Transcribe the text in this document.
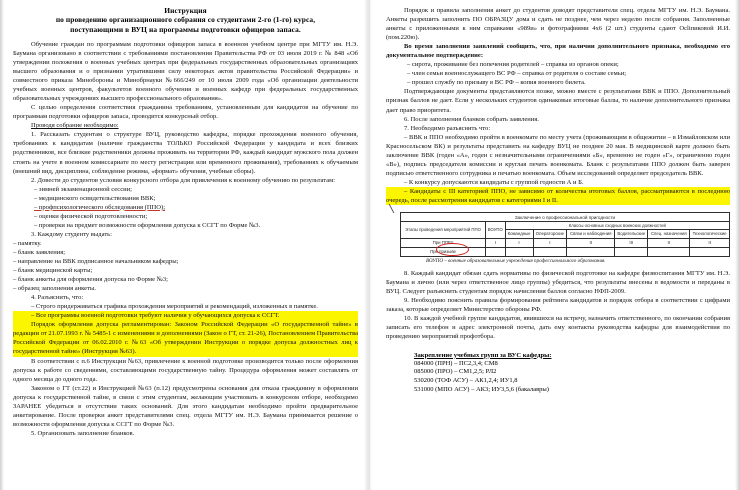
Инструкция
по проведению организационного собрания со студентами 2-го (1-го) курса,
поступающими в ВУЦ на программы подготовки офицеров запаса.

Обучение граждан по программам подготовки офицеров запаса в военном учебном центре при МГТУ им. Н.Э. Баумана организовано в соответствии с требованиями постановления Правительства РФ от 03 июля 2019 г. № 848 «Об утверждении положения о военных учебных центрах при федеральных государственных образовательных организациях высшего образования и о признании утратившими силу некоторых актов правительства Российской Федерации» и совместного приказа Минобороны и Минобрнауки №666/249 от 10 июля 2009 года «Об организации деятельности учебных военных центров, факультетов военного обучения и военных кафедр при федеральных государственных образовательных учреждениях высшего профессионального образования».

С целью определения соответствия гражданина требованиям, установленным для кандидатов на обучение по программам подготовки офицеров запаса, проводится конкурсный отбор.

Проводя собрание необходимо:

1. Рассказать студентам о структуре ВУЦ, руководство кафедры, порядке прохождения военного обучения, требованиях к кандидатам (наличие гражданства ТОЛЬКО Российской Федерации у кандидата и всех близких родственников, все близкие родственники должны проживать на территории РФ, каждый кандидат мужского пола должен стоять на учете в военном комиссариате по месту регистрации или временного проживания), требованиях к обучаемым (внешний вид, дисциплина, соблюдение режима, «формат» обучения, учебные сборы).

2. Довести до студентов условия конкурсного отбора для привлечения к военному обучению по результатам:

– зимней экзаменационной сессии;

– медицинского освидетельствования ВВК;

– профпсихологического обследования (ППО);

– оценки физической подготовленности;

– проверки на предмет возможности оформления допуска к ССГТ по Форме №3.

3. Каждому студенту выдать:

– памятку.

– бланк заявления;

– направление на ВВК подписанное начальником кафедры;

– бланк медицинской карты;

– бланк анкеты для оформления допуска по Форме №3;

– образец заполнения анкеты.

4. Разъяснить, что:

– Строго придерживаться графика прохождения мероприятий и рекомендаций, изложенных в памятке.

– Все программы военной подготовки требуют наличия у обучающихся допуска к ССГТ.

Порядок оформления допуска регламентирован: Законом Российской Федерации «О государственной тайне» в редакции от 21.07.1993 г. № 5485-1 с изменениями и дополнениями (Закон о ГТ, ст. 21-26), Постановлением Правительства Российской Федерации от 06.02.2010 г. №63 «Об утверждении Инструкции о порядке допуска должностных лиц к государственной тайне» (Инструкция №63).

В соответствии с п.6 Инструкции №63, привлечение к военной подготовке производится только после оформления допуска к работе со сведениями, составляющими государственную тайну. Процедура оформления может составлять от одного месяца до одного года.

Законом о ГТ (ст.22) и Инструкцией №63 (п.12) предусмотрены основания для отказа гражданину в оформлении допуска к государственной тайне, в связи с этим студентам, желающим участвовать в конкурсном отборе, необходимо ЗАРАНЕЕ убедиться в отсутствии таких оснований. Для этого кандидатам необходимо пройти предварительное анкетирование. После проверки анкет представителями спец. отдела МГТУ им. Н.Э. Баумана принимается решение о возможности оформления допуска к ССГТ по Форме №3.

5. Организовать заполнение бланков.

Порядок и правила заполнения анкет до студентов доводят представители спец. отдела МГТУ им. Н.Э. Баумана. Анкеты разрешить заполнить ПО ОБРАЗЦУ дома и сдать не позднее, чем через неделю после собрания. Заполненные анкеты с приложенными к ним справками «989и» и фотографиями 4х6 (2 шт.) студенты сдают Осliпиковой И.И. (пом.220ю).

Во время заполнения заявлений сообщить, что, при наличии дополнительного признака, необходимо его документальное подтверждение:

– сирота, проживание без попечения родителей – справка из органов опеки;

– член семьи военнослужащего ВС РФ – справка от родителя о составе семьи;

– прошел службу по призыву в ВС РФ – копия военного билета.

Подтверждающие документы представляются позже, можно вместе с результатами ВВК и ППО. Дополнительный признак баллов не дает. Если у нескольких студентов одинаковые итоговые баллы, то наличие дополнительного признака дает право приоритета.

6. После заполнения бланков собрать заявления.

7. Необходимо разъяснить что:

– ВВК и ППО необходимо пройти в военкомате по месту учета (проживающим в общежитии – в Измайловском или Красносельском ВК) и результаты представить на кафедру ВУЦ не позднее 20 мая. В медицинской карте должно быть заключение ВВК (годен «А», годен с незначительными ограничениями «Б», временно не годен «Г», ограниченно годен «В»), подпись председателя комиссии и круглая печать военкомата. Бланк с результатами ППО должен быть заверен подписью ответственного сотрудника и печатью военкомата. Объем исследований определяет председатель ВВК.

– К конкурсу допускаются кандидаты с группой годности А и Б.

– Кандидаты с III категорией ППО, не зависимо от количества итоговых баллов, рассматриваются в последнюю очередь, после рассмотрения кандидатов с категориями I и II.

Заключение о профессиональной пригодности							
Этапы проведения мероприятий ППО	ВОУПО	Классы основных сходных воинских должностей					
		Командные	Операторские	Связи и наблюдения	Водительские	Спец. назначения	Технологические
При ППВУ	I	I	I	II	III	II	II
При призыве							
ВОУПО – военные образовательные учреждения профессионального образования.

8. Каждый кандидат обязан сдать нормативы по физической подготовке на кафедре физвоспитания МГТУ им. Н.Э. Баумана и лично (или через ответственное лицо группы) убедиться, что результаты внесены в ведомости и переданы в ВУЦ. Следует разъяснить студентам порядок начисления баллов согласно НФП-2009.

9. Необходимо пояснить правила формирования рейтинга кандидатов и порядок отбора в соответствии с цифрами заказа, которые определяет Министерство обороны РФ.

10. В каждой учебной группе кандидатов, явившихся на встречу, назначить ответственного, по окончании собрания записать его телефон и адрес электронной почты, дать ему контакты руководства кафедры для взаимодействия по проведению мероприятий профотбора.

Закрепление учебных групп за ВУС кафедры:
084000 (ПРН) – ПС2,3,4; СМ8
085000 (ПРО) – СМ1,2,5; РЛ2
530200 (ТОФ АСУ) – АК1,2,4; ИУ1,8
531000 (МПО АСУ) – АК3; ИУ3,5,6 (бакалавры)
